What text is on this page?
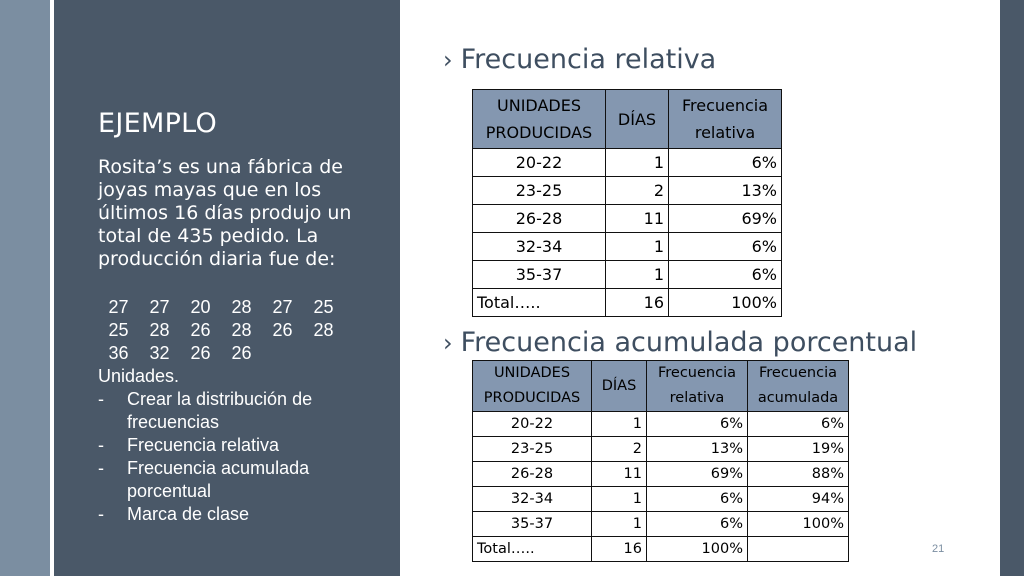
EJEMPLO
Rosita’s es una fábrica de joyas mayas que en los últimos 16 días produjo un total de 435 pedido. La producción diaria fue de:
27	27	20	28	27	25
25	28	26	28	26	28
36	32	26	26
Unidades.
-	Crear la distribución de frecuencias
-	Frecuencia relativa
-	Frecuencia acumulada porcentual
-	Marca de clase
› Frecuencia relativa
UNIDADES PRODUCIDAS	DÍAS	Frecuencia relativa
20-22	1	6%
23-25	2	13%
26-28	11	69%
32-34	1	6%
35-37	1	6%
Total…..	16	100%
› Frecuencia acumulada porcentual
UNIDADES PRODUCIDAS	DÍAS	Frecuencia relativa	Frecuencia acumulada
20-22	1	6%	6%
23-25	2	13%	19%
26-28	11	69%	88%
32-34	1	6%	94%
35-37	1	6%	100%
Total…..	16	100%		21
